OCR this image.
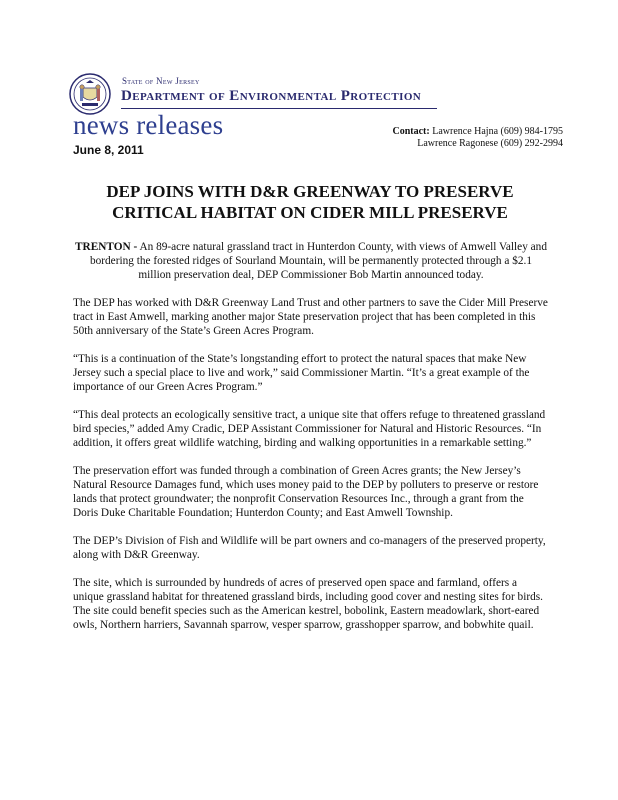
State of New Jersey
Department of Environmental Protection
news releases
June 8, 2011
Contact: Lawrence Hajna (609) 984-1795
Lawrence Ragonese (609) 292-2994
DEP JOINS WITH D&R GREENWAY TO PRESERVE
CRITICAL HABITAT ON CIDER MILL PRESERVE

TRENTON - An 89-acre natural grassland tract in Hunterdon County, with views of Amwell Valley and bordering the forested ridges of Sourland Mountain, will be permanently protected through a $2.1 million preservation deal, DEP Commissioner Bob Martin announced today.

The DEP has worked with D&R Greenway Land Trust and other partners to save the Cider Mill Preserve tract in East Amwell, marking another major State preservation project that has been completed in this 50th anniversary of the State’s Green Acres Program.

“This is a continuation of the State’s longstanding effort to protect the natural spaces that make New Jersey such a special place to live and work,” said Commissioner Martin. “It’s a great example of the importance of our Green Acres Program.”

“This deal protects an ecologically sensitive tract, a unique site that offers refuge to threatened grassland bird species,” added Amy Cradic, DEP Assistant Commissioner for Natural and Historic Resources. “In addition, it offers great wildlife watching, birding and walking opportunities in a remarkable setting.”

The preservation effort was funded through a combination of Green Acres grants; the New Jersey’s Natural Resource Damages fund, which uses money paid to the DEP by polluters to preserve or restore lands that protect groundwater; the nonprofit Conservation Resources Inc., through a grant from the Doris Duke Charitable Foundation; Hunterdon County; and East Amwell Township.

The DEP’s Division of Fish and Wildlife will be part owners and co-managers of the preserved property, along with D&R Greenway.

The site, which is surrounded by hundreds of acres of preserved open space and farmland, offers a unique grassland habitat for threatened grassland birds, including good cover and nesting sites for birds. The site could benefit species such as the American kestrel, bobolink, Eastern meadowlark, short-eared owls, Northern harriers, Savannah sparrow, vesper sparrow, grasshopper sparrow, and bobwhite quail.
